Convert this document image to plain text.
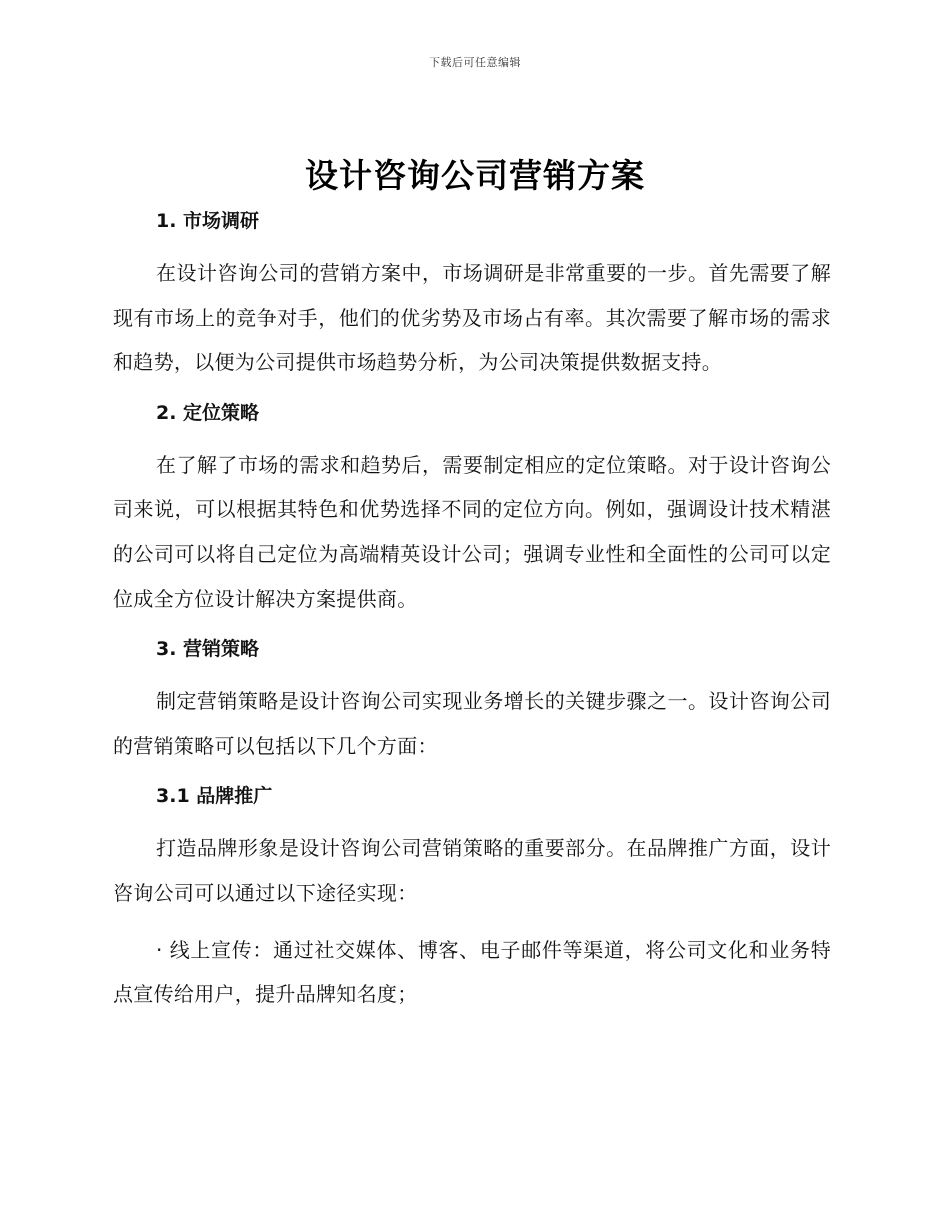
下载后可任意编辑
设计咨询公司营销方案

1. 市场调研

在设计咨询公司的营销方案中，市场调研是非常重要的一步。首先需要了解现有市场上的竞争对手，他们的优劣势及市场占有率。其次需要了解市场的需求和趋势，以便为公司提供市场趋势分析，为公司决策提供数据支持。

2. 定位策略

在了解了市场的需求和趋势后，需要制定相应的定位策略。对于设计咨询公司来说，可以根据其特色和优势选择不同的定位方向。例如，强调设计技术精湛的公司可以将自己定位为高端精英设计公司；强调专业性和全面性的公司可以定位成全方位设计解决方案提供商。

3. 营销策略

制定营销策略是设计咨询公司实现业务增长的关键步骤之一。设计咨询公司的营销策略可以包括以下几个方面：

3.1 品牌推广

打造品牌形象是设计咨询公司营销策略的重要部分。在品牌推广方面，设计咨询公司可以通过以下途径实现：

· 线上宣传：通过社交媒体、博客、电子邮件等渠道，将公司文化和业务特点宣传给用户，提升品牌知名度；
